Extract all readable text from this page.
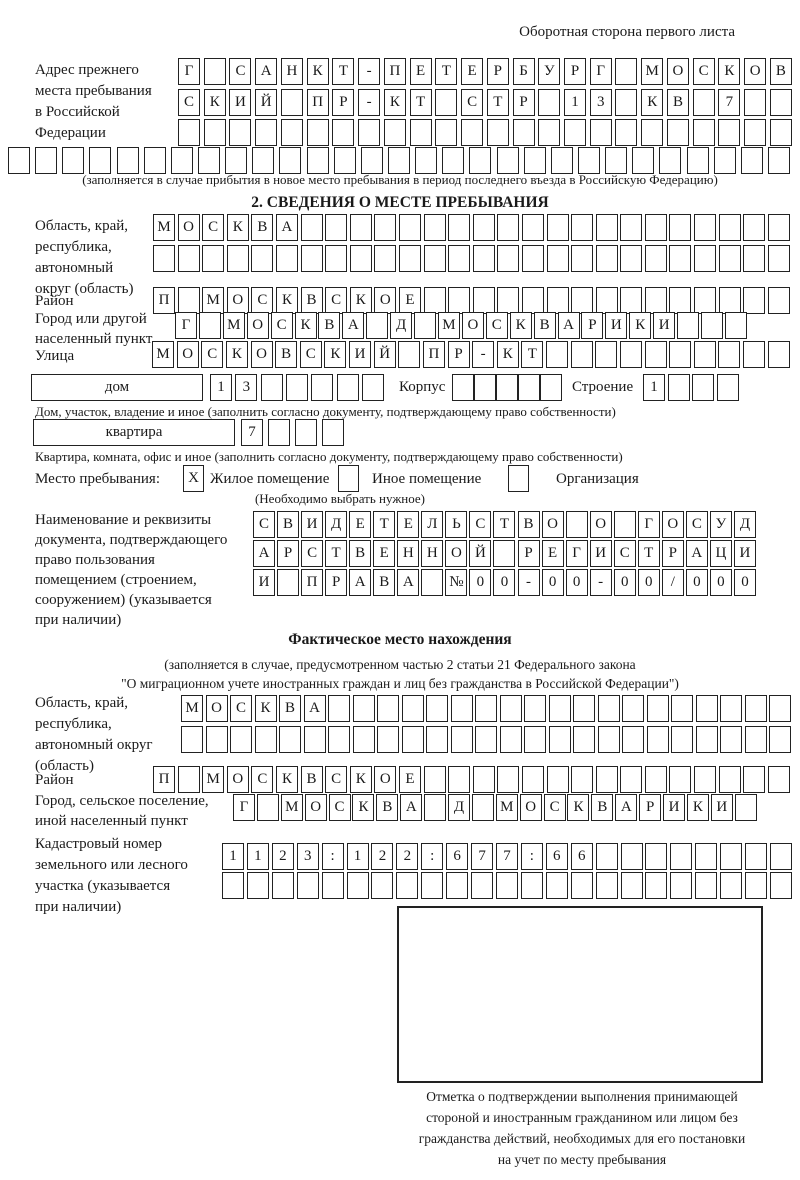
Оборотная сторона первого листа
Адрес прежнего
места пребывания
в Российской
Федерации
Г	С	А Н	К	Т	-	П	Е	Т	Е	Р	Б	У	Р	Г	М О	С	К	О	В
С	К	И Й	П	Р	-	К	Т	С	Т	Р	1	3	К	В	7
(заполняется в случае прибытия в новое место пребывания в период последнего въезда в Российскую Федерацию)
2. СВЕДЕНИЯ О МЕСТЕ ПРЕБЫВАНИЯ
Область, край,
республика,
автономный
округ (область)
М О С К В А
Район	П	М О С К В С К О Е
Город или другой
населенный пункт
Г	М О С К В А	Д	М О С К В А Р И К И
Улица	М О С К О В С К И Й	П	Р	-	К	Т
дом	1	3	Корпус	Строение	1
Дом, участок, владение и иное (заполнить согласно документу, подтверждающему право собственности)
квартира	7
Квартира, комната, офис и иное (заполнить согласно документу, подтверждающему право собственности)
Место пребывания:	X Жилое помещение	Иное помещение	Организация
(Необходимо выбрать нужное)
Наименование и реквизиты
документа, подтверждающего
право пользования
помещением (строением,
сооружением) (указывается
при наличии)
С В И Д Е Т Е Л Ь С Т В О	О	Г О С У Д
А Р С Т В Е Н Н О Й	Р	Е	Г И С Т	Р А Ц И
И	П Р А В А	№ 0	0	-	0	0	-	0	0	/	0	0	0
Фактическое место нахождения
(заполняется в случае, предусмотренном частью 2 статьи 21 Федерального закона
"О миграционном учете иностранных граждан и лиц без гражданства в Российской Федерации")
Область, край,
республика,
автономный округ
(область)
М О С К В А
Район	П	М О С К В С К О Е
Город, сельское поселение,
иной населенный пункт
Г	М О С К В А	Д	М О С К В А Р И К И
Кадастровый номер
земельного или лесного
участка (указывается
при наличии)
1	1	2	3	:	1	2	2	:	6	7	7	:	6	6
Отметка о подтверждении выполнения принимающей
стороной и иностранным гражданином или лицом без
гражданства действий, необходимых для его постановки
на учет по месту пребывания
